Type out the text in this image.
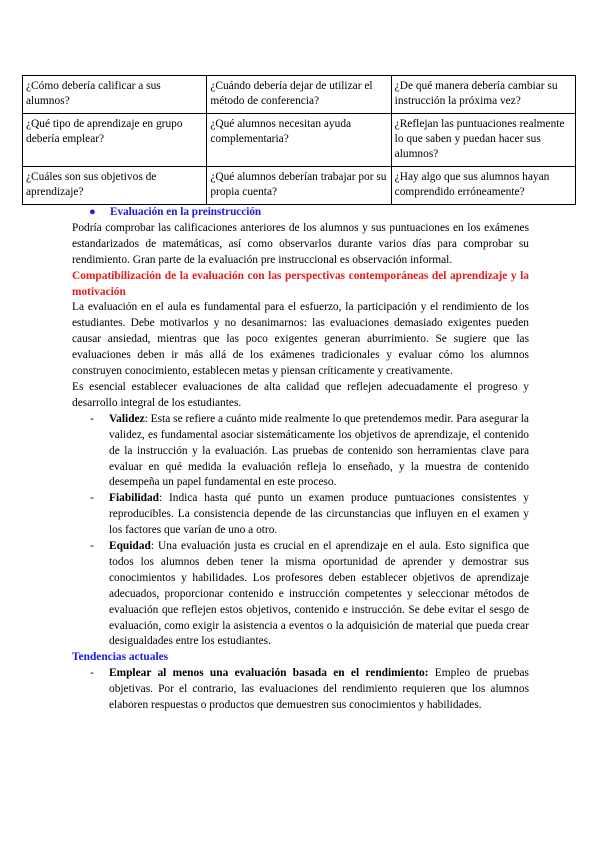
¿Cómo debería calificar a sus alumnos?	¿Cuándo debería dejar de utilizar el método de conferencia?	¿De qué manera debería cambiar su instrucción la próxima vez?
¿Qué tipo de aprendizaje en grupo debería emplear?	¿Qué alumnos necesitan ayuda complementaria?	¿Reflejan las puntuaciones realmente lo que saben y puedan hacer sus alumnos?
¿Cuáles son sus objetivos de aprendizaje?	¿Qué alumnos deberían trabajar por su propia cuenta?	¿Hay algo que sus alumnos hayan comprendido erróneamente?
● Evaluación en la preinstrucción

Podría comprobar las calificaciones anteriores de los alumnos y sus puntuaciones en los exámenes estandarizados de matemáticas, así como observarlos durante varios días para comprobar su rendimiento. Gran parte de la evaluación pre instruccional es observación informal.

Compatibilización de la evaluación con las perspectivas contemporáneas del aprendizaje y la motivación

La evaluación en el aula es fundamental para el esfuerzo, la participación y el rendimiento de los estudiantes. Debe motivarlos y no desanimarnos: las evaluaciones demasiado exigentes pueden causar ansiedad, mientras que las poco exigentes generan aburrimiento. Se sugiere que las evaluaciones deben ir más allá de los exámenes tradicionales y evaluar cómo los alumnos construyen conocimiento, establecen metas y piensan críticamente y creativamente.

Es esencial establecer evaluaciones de alta calidad que reflejen adecuadamente el progreso y desarrollo integral de los estudiantes.

- Validez: Esta se refiere a cuánto mide realmente lo que pretendemos medir. Para asegurar la validez, es fundamental asociar sistemáticamente los objetivos de aprendizaje, el contenido de la instrucción y la evaluación. Las pruebas de contenido son herramientas clave para evaluar en qué medida la evaluación refleja lo enseñado, y la muestra de contenido desempeña un papel fundamental en este proceso.
- Fiabilidad: Indica hasta qué punto un examen produce puntuaciones consistentes y reproducibles. La consistencia depende de las circunstancias que influyen en el examen y los factores que varían de uno a otro.
- Equidad: Una evaluación justa es crucial en el aprendizaje en el aula. Esto significa que todos los alumnos deben tener la misma oportunidad de aprender y demostrar sus conocimientos y habilidades. Los profesores deben establecer objetivos de aprendizaje adecuados, proporcionar contenido e instrucción competentes y seleccionar métodos de evaluación que reflejen estos objetivos, contenido e instrucción. Se debe evitar el sesgo de evaluación, como exigir la asistencia a eventos o la adquisición de material que pueda crear desigualdades entre los estudiantes.

Tendencias actuales

- Emplear al menos una evaluación basada en el rendimiento: Empleo de pruebas objetivas. Por el contrario, las evaluaciones del rendimiento requieren que los alumnos elaboren respuestas o productos que demuestren sus conocimientos y habilidades.
